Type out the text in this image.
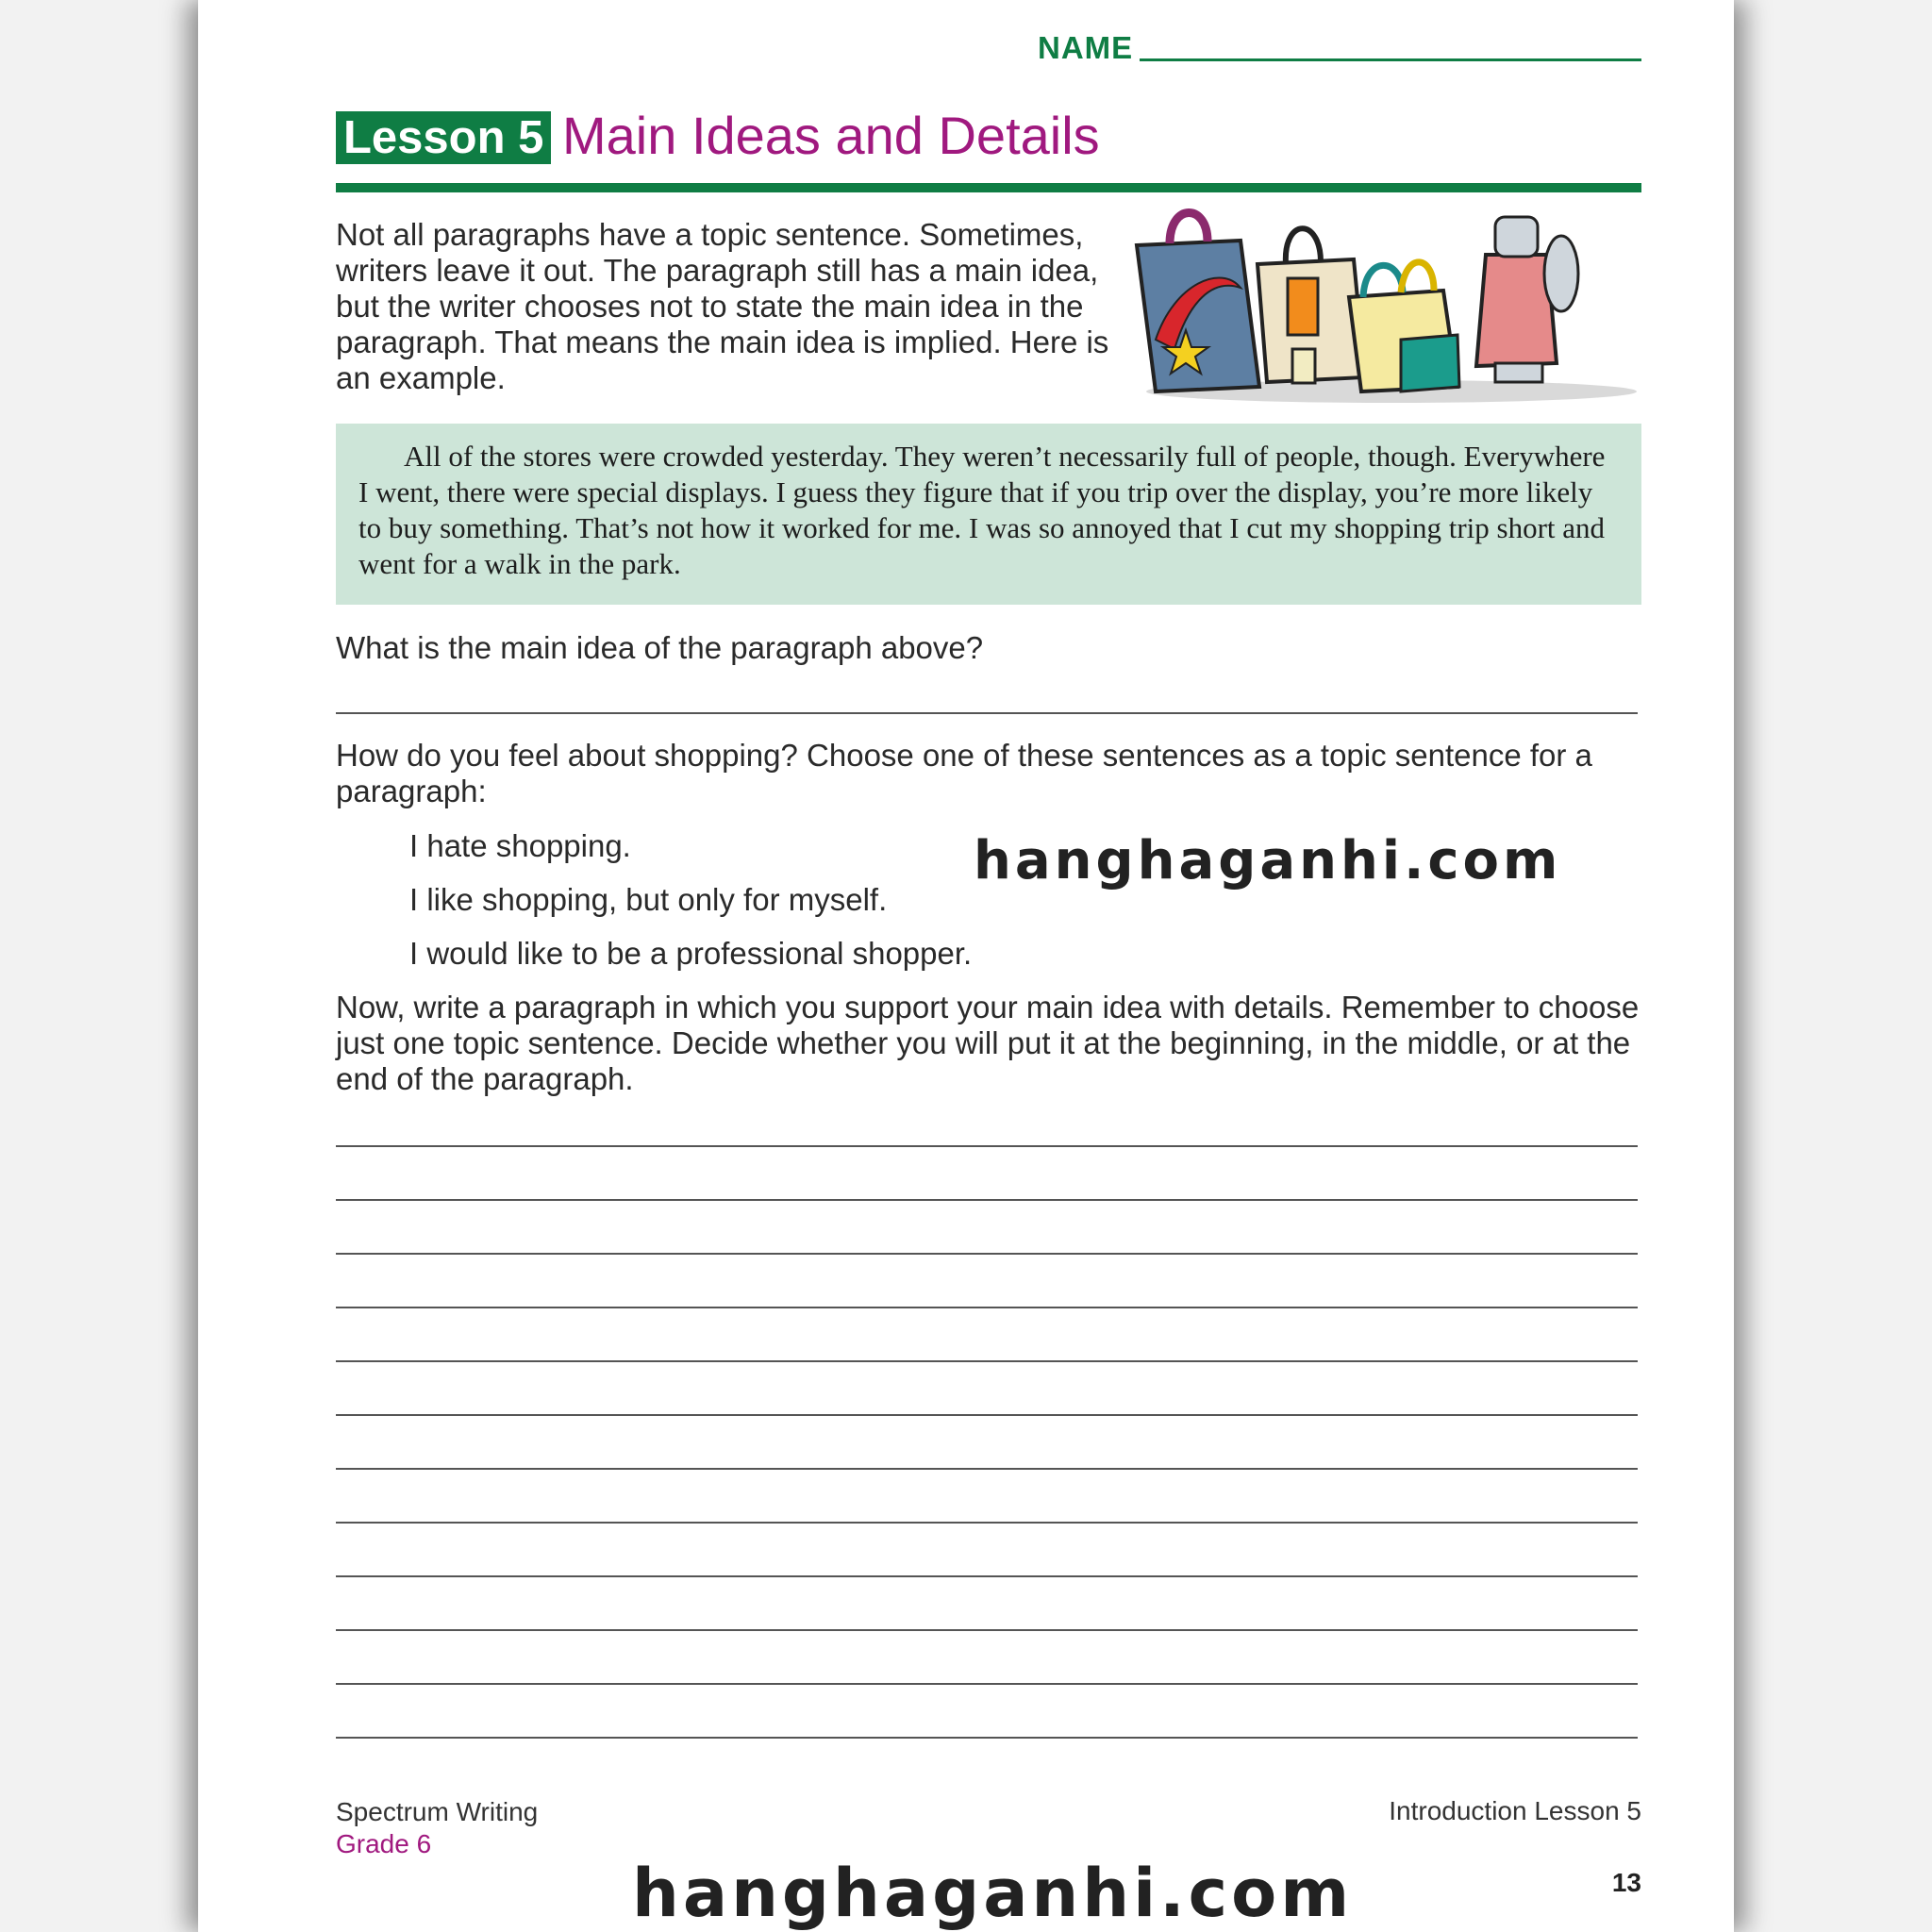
NAME
Lesson 5 Main Ideas and Details
Not all paragraphs have a topic sentence. Sometimes, writers leave it out. The paragraph still has a main idea, but the writer chooses not to state the main idea in the paragraph. That means the main idea is implied. Here is an example.
All of the stores were crowded yesterday. They weren’t necessarily full of people, though. Everywhere I went, there were special displays. I guess they figure that if you trip over the display, you’re more likely to buy something. That’s not how it worked for me. I was so annoyed that I cut my shopping trip short and went for a walk in the park.
What is the main idea of the paragraph above?
How do you feel about shopping? Choose one of these sentences as a topic sentence for a paragraph:
I hate shopping.
I like shopping, but only for myself.
I would like to be a professional shopper.
hanghaganhi.com
Now, write a paragraph in which you support your main idea with details. Remember to choose just one topic sentence. Decide whether you will put it at the beginning, in the middle, or at the end of the paragraph.
Spectrum Writing
Grade 6
Introduction Lesson 5
13
hanghaganhi.com
